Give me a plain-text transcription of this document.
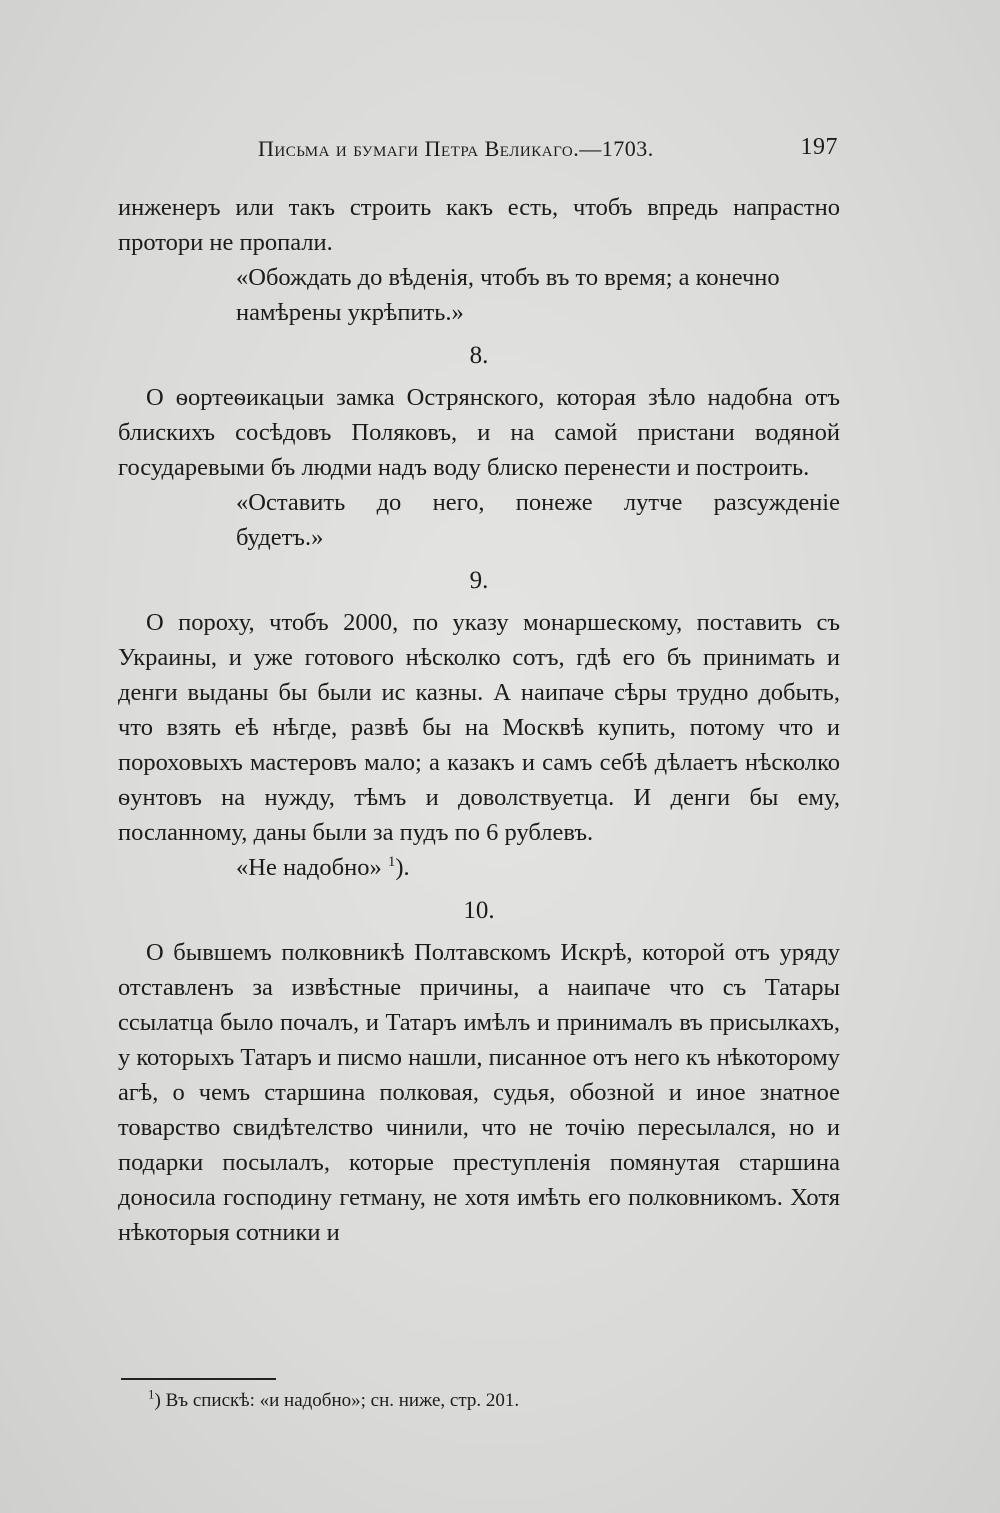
Письма и бумаги Петра Великаго.—1703.	197

инженеръ или такъ строить какъ есть, чтобъ впредь напрастно протори не пропали.

«Обождать до вѣденія, чтобъ въ то время; а конечно
намѣрены укрѣпить.»

8.

О ѳортеѳикацыи замка Острянского, которая зѣло надобна отъ блискихъ сосѣдовъ Поляковъ, и на самой пристани водяной государевыми бъ людми надъ воду блиско перенести и построить.

«Оставить до него, понеже лутче разсужденіе
будетъ.»

9.

О пороху, чтобъ 2000, по указу монаршескому, поставить съ Украины, и уже готового нѣсколко сотъ, гдѣ его бъ принимать и денги выданы бы были ис казны. А наипаче сѣры трудно добыть, что взять еѣ нѣгде, развѣ бы на Москвѣ купить, потому что и пороховыхъ мастеровъ мало; а казакъ и самъ себѣ дѣлаетъ нѣсколко ѳунтовъ на нужду, тѣмъ и доволствуетца. И денги бы ему, посланному, даны были за пудъ по 6 рублевъ.

«Не надобно» $^1$).

10.

О бывшемъ полковникѣ Полтавскомъ Искрѣ, которой отъ уряду отставленъ за извѣстные причины, а наипаче что съ Татары ссылатца было почалъ, и Татаръ имѣлъ и принималъ въ присылкахъ, у которыхъ Татаръ и писмо нашли, писанное отъ него къ нѣкоторому агѣ, о чемъ старшина полковая, судья, обозной и иное знатное товарство свидѣтелство чинили, что не точію пересылался, но и подарки посылалъ, которые преступленія помянутая старшина доносила господину гетману, не хотя имѣть его полковникомъ. Хотя нѣкоторыя сотники и

$^1$) Въ спискѣ: «и надобно»; сн. ниже, стр. 201.
